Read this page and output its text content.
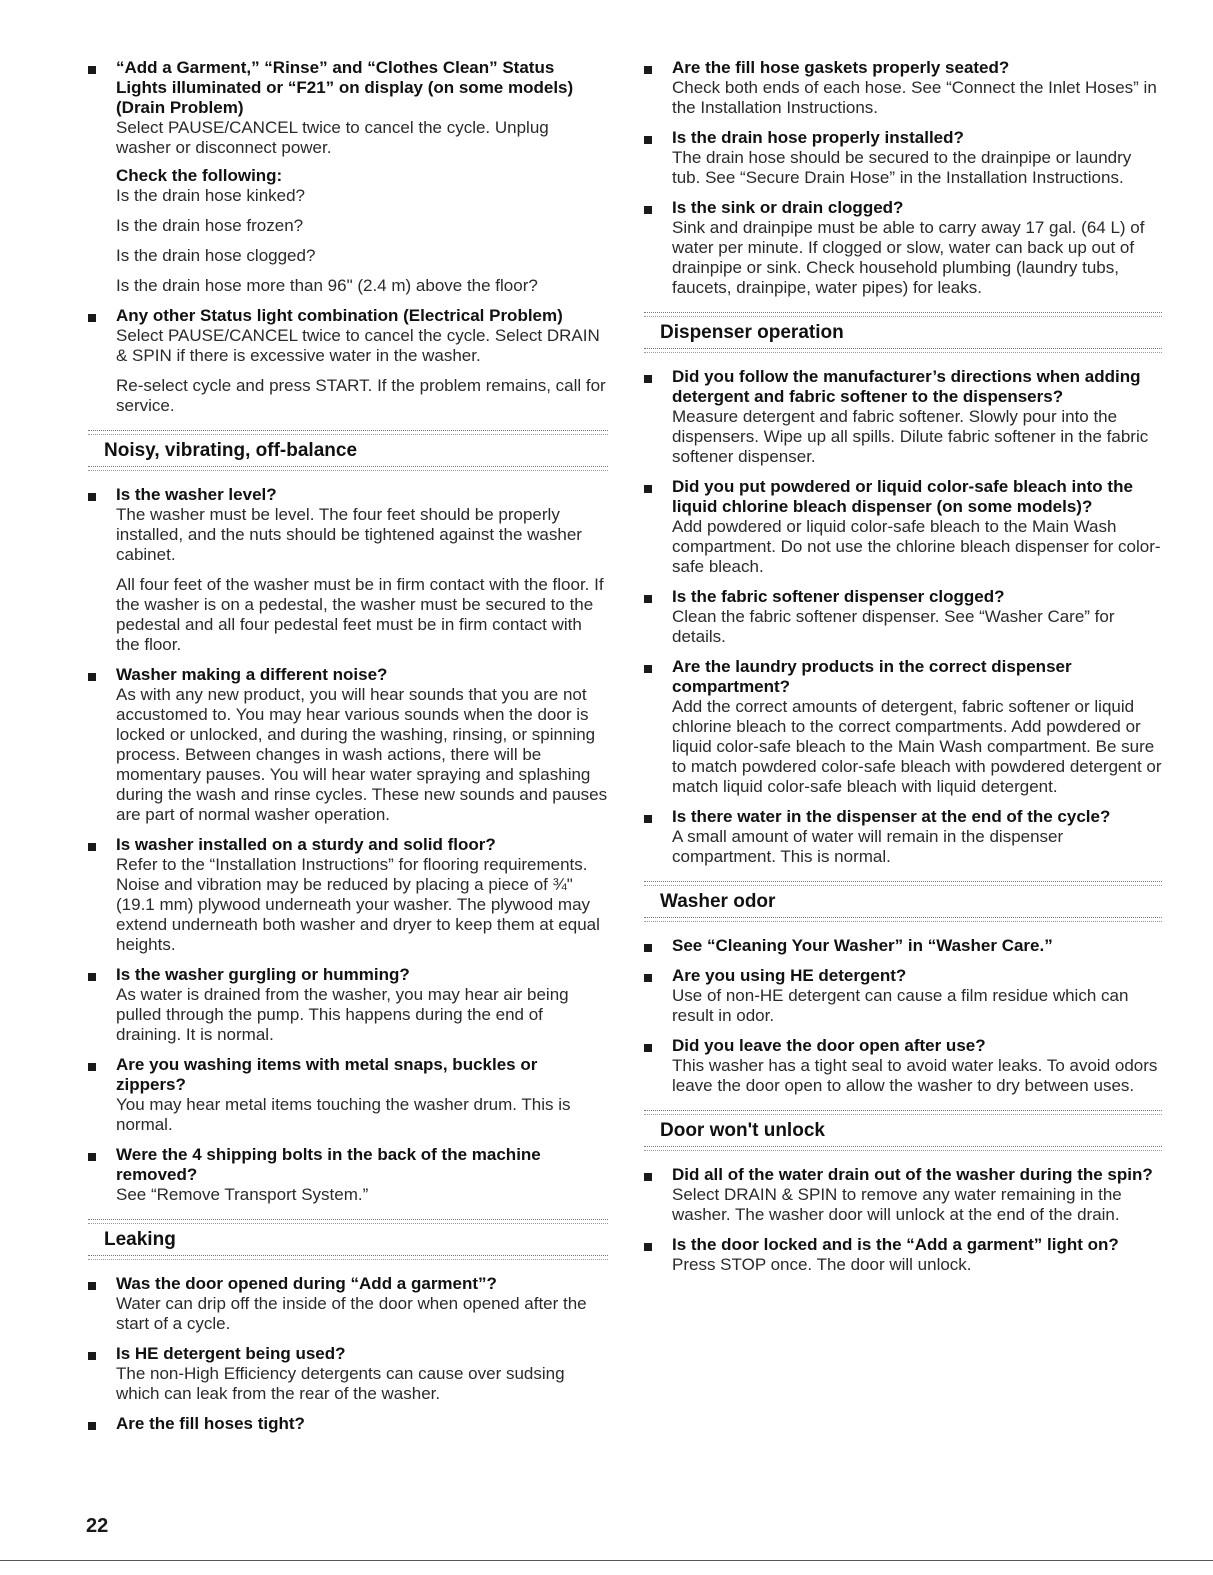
“Add a Garment,” “Rinse” and “Clothes Clean” Status Lights illuminated or “F21” on display (on some models) (Drain Problem)
Select PAUSE/CANCEL twice to cancel the cycle. Unplug washer or disconnect power.
Check the following:
Is the drain hose kinked?
Is the drain hose frozen?
Is the drain hose clogged?
Is the drain hose more than 96" (2.4 m) above the floor?
Any other Status light combination (Electrical Problem)
Select PAUSE/CANCEL twice to cancel the cycle. Select DRAIN & SPIN if there is excessive water in the washer.
Re-select cycle and press START. If the problem remains, call for service.
Noisy, vibrating, off-balance
Is the washer level?
The washer must be level. The four feet should be properly installed, and the nuts should be tightened against the washer cabinet.
All four feet of the washer must be in firm contact with the floor. If the washer is on a pedestal, the washer must be secured to the pedestal and all four pedestal feet must be in firm contact with the floor.
Washer making a different noise?
As with any new product, you will hear sounds that you are not accustomed to. You may hear various sounds when the door is locked or unlocked, and during the washing, rinsing, or spinning process. Between changes in wash actions, there will be momentary pauses. You will hear water spraying and splashing during the wash and rinse cycles. These new sounds and pauses are part of normal washer operation.
Is washer installed on a sturdy and solid floor?
Refer to the “Installation Instructions” for flooring requirements. Noise and vibration may be reduced by placing a piece of ¾" (19.1 mm) plywood underneath your washer. The plywood may extend underneath both washer and dryer to keep them at equal heights.
Is the washer gurgling or humming?
As water is drained from the washer, you may hear air being pulled through the pump. This happens during the end of draining. It is normal.
Are you washing items with metal snaps, buckles or zippers?
You may hear metal items touching the washer drum. This is normal.
Were the 4 shipping bolts in the back of the machine removed?
See “Remove Transport System.”
Leaking
Was the door opened during “Add a garment”?
Water can drip off the inside of the door when opened after the start of a cycle.
Is HE detergent being used?
The non-High Efficiency detergents can cause over sudsing which can leak from the rear of the washer.
Are the fill hoses tight?
Are the fill hose gaskets properly seated?
Check both ends of each hose. See “Connect the Inlet Hoses” in the Installation Instructions.
Is the drain hose properly installed?
The drain hose should be secured to the drainpipe or laundry tub. See “Secure Drain Hose” in the Installation Instructions.
Is the sink or drain clogged?
Sink and drainpipe must be able to carry away 17 gal. (64 L) of water per minute. If clogged or slow, water can back up out of drainpipe or sink. Check household plumbing (laundry tubs, faucets, drainpipe, water pipes) for leaks.
Dispenser operation
Did you follow the manufacturer’s directions when adding detergent and fabric softener to the dispensers?
Measure detergent and fabric softener. Slowly pour into the dispensers. Wipe up all spills. Dilute fabric softener in the fabric softener dispenser.
Did you put powdered or liquid color-safe bleach into the liquid chlorine bleach dispenser (on some models)?
Add powdered or liquid color-safe bleach to the Main Wash compartment. Do not use the chlorine bleach dispenser for color-safe bleach.
Is the fabric softener dispenser clogged?
Clean the fabric softener dispenser. See “Washer Care” for details.
Are the laundry products in the correct dispenser compartment?
Add the correct amounts of detergent, fabric softener or liquid chlorine bleach to the correct compartments. Add powdered or liquid color-safe bleach to the Main Wash compartment. Be sure to match powdered color-safe bleach with powdered detergent or match liquid color-safe bleach with liquid detergent.
Is there water in the dispenser at the end of the cycle?
A small amount of water will remain in the dispenser compartment. This is normal.
Washer odor
See “Cleaning Your Washer” in “Washer Care.”
Are you using HE detergent?
Use of non-HE detergent can cause a film residue which can result in odor.
Did you leave the door open after use?
This washer has a tight seal to avoid water leaks. To avoid odors leave the door open to allow the washer to dry between uses.
Door won't unlock
Did all of the water drain out of the washer during the spin?
Select DRAIN & SPIN to remove any water remaining in the washer. The washer door will unlock at the end of the drain.
Is the door locked and is the “Add a garment” light on?
Press STOP once. The door will unlock.
22
